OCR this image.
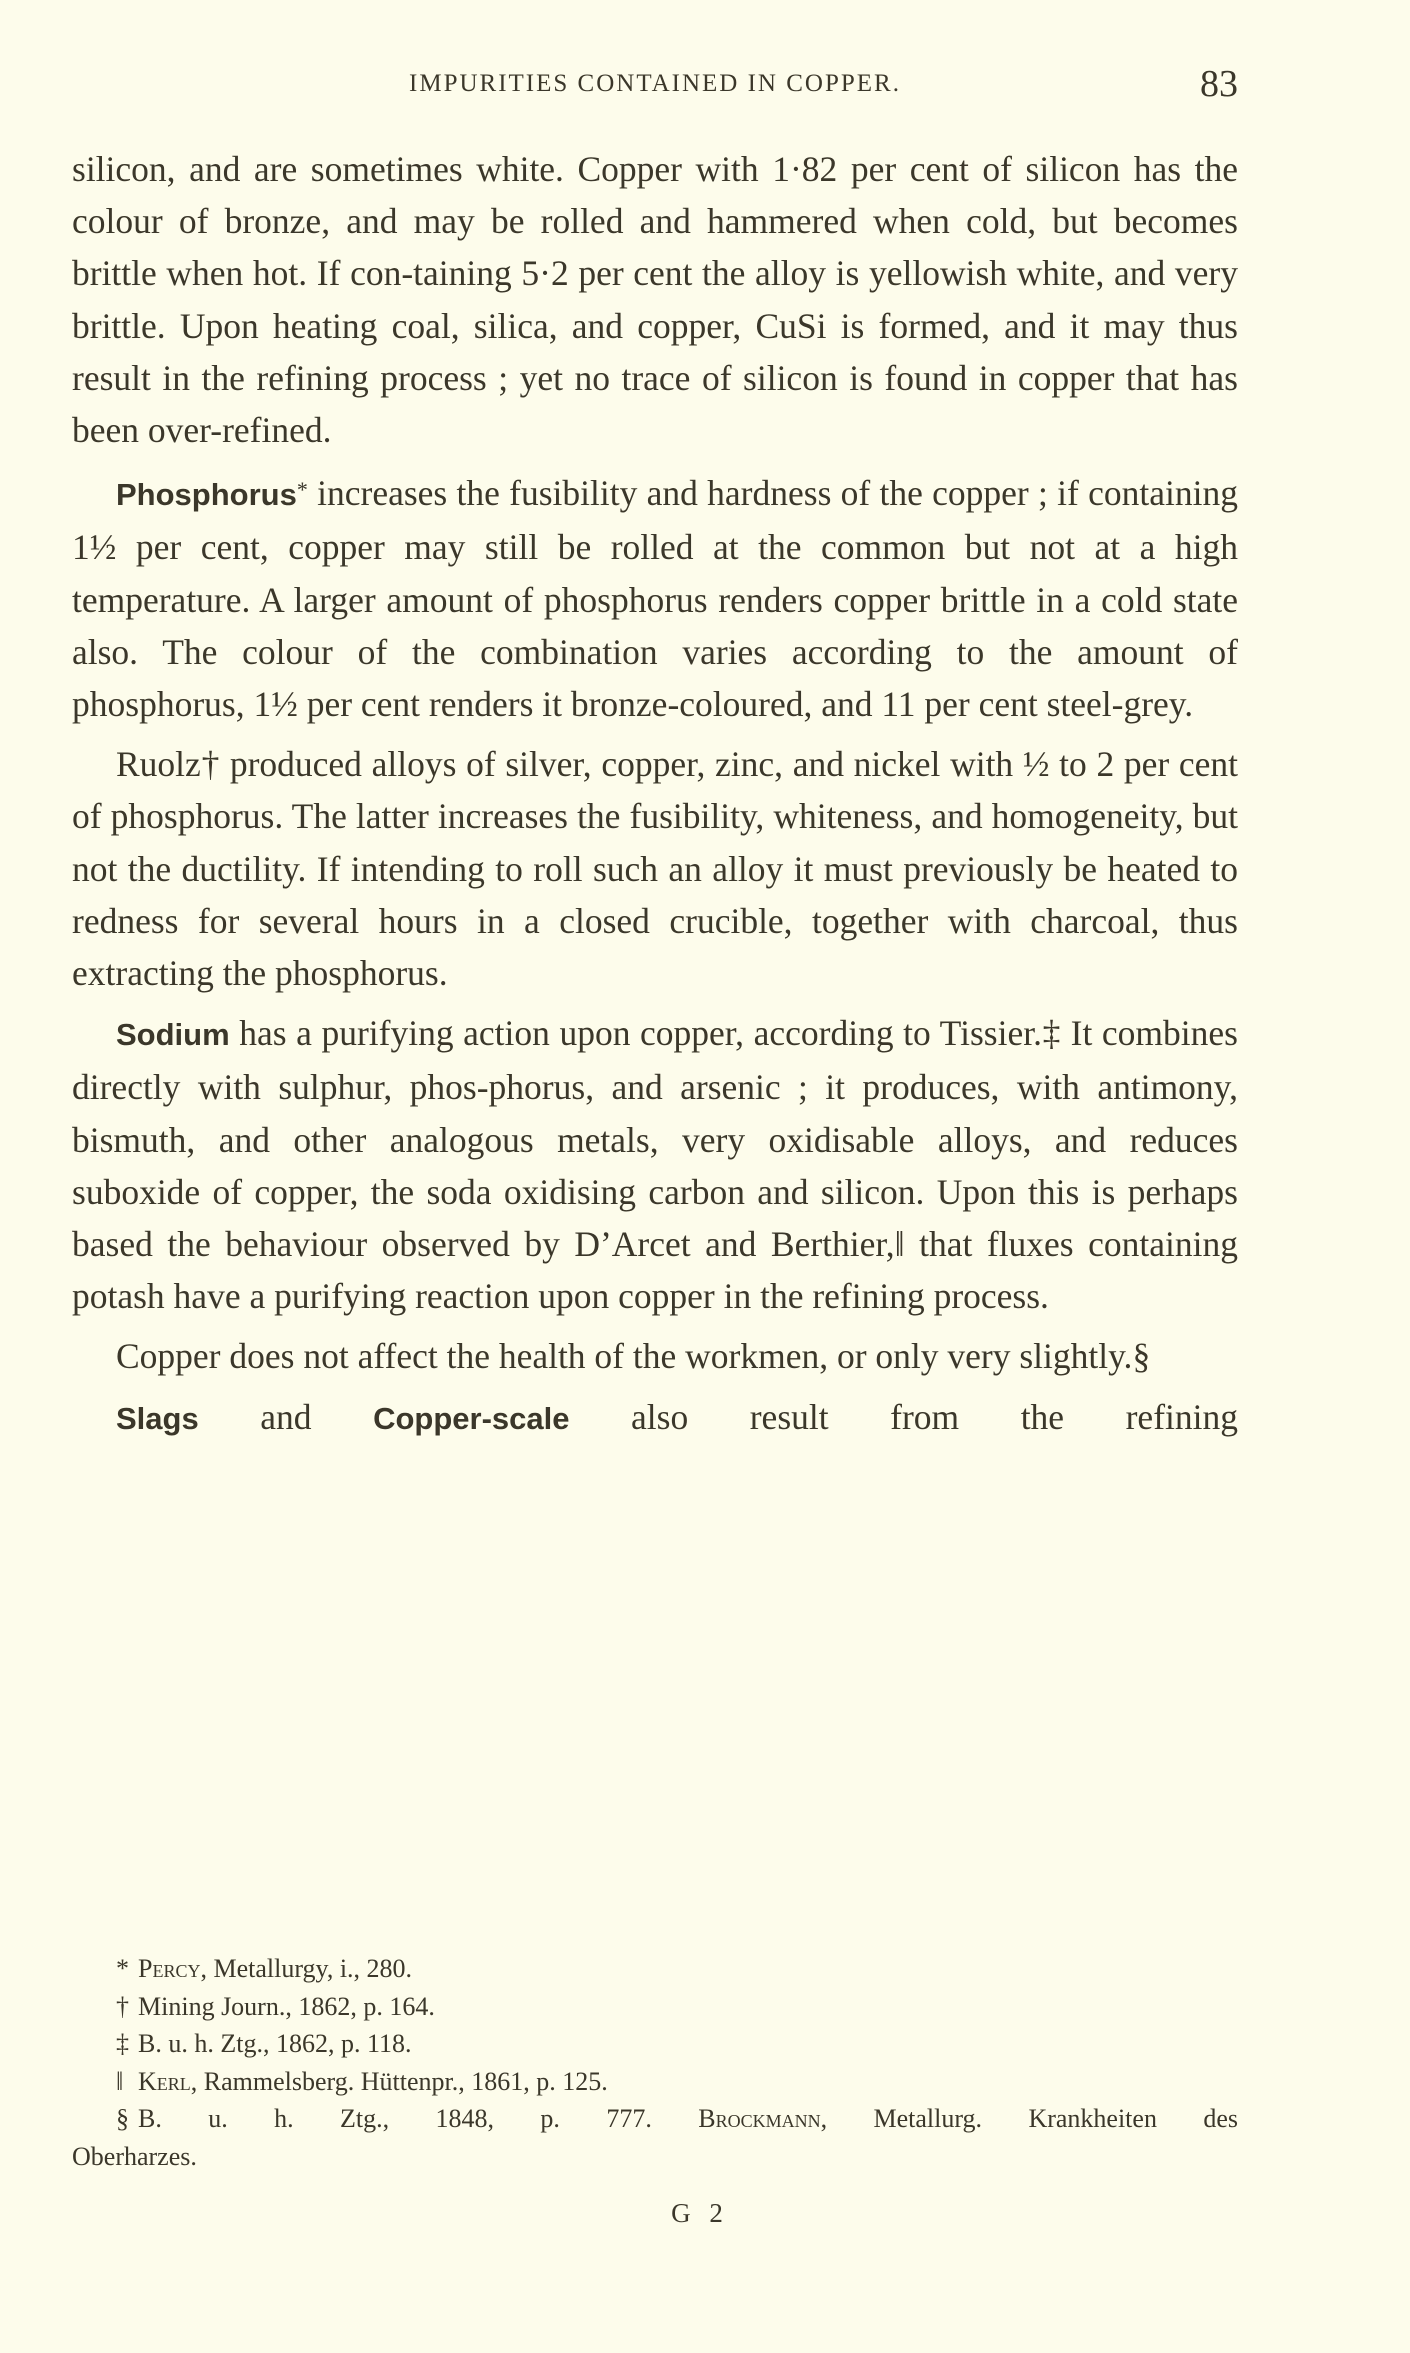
IMPURITIES CONTAINED IN COPPER.	83

silicon, and are sometimes white. Copper with 1·82 per cent of silicon has the colour of bronze, and may be rolled and hammered when cold, but becomes brittle when hot. If con-taining 5·2 per cent the alloy is yellowish white, and very brittle. Upon heating coal, silica, and copper, CuSi is formed, and it may thus result in the refining process ; yet no trace of silicon is found in copper that has been over-refined.

Phosphorus* increases the fusibility and hardness of the copper ; if containing 1½ per cent, copper may still be rolled at the common but not at a high temperature. A larger amount of phosphorus renders copper brittle in a cold state also. The colour of the combination varies according to the amount of phosphorus, 1½ per cent renders it bronze-coloured, and 11 per cent steel-grey.

Ruolz† produced alloys of silver, copper, zinc, and nickel with ½ to 2 per cent of phosphorus. The latter increases the fusibility, whiteness, and homogeneity, but not the ductility. If intending to roll such an alloy it must previously be heated to redness for several hours in a closed crucible, together with charcoal, thus extracting the phosphorus.

Sodium has a purifying action upon copper, according to Tissier.‡ It combines directly with sulphur, phos-phorus, and arsenic ; it produces, with antimony, bismuth, and other analogous metals, very oxidisable alloys, and reduces suboxide of copper, the soda oxidising carbon and silicon. Upon this is perhaps based the behaviour observed by D’Arcet and Berthier,‖ that fluxes containing potash have a purifying reaction upon copper in the refining process.

Copper does not affect the health of the workmen, or only very slightly.§

Slags and Copper-scale also result from the refining

* Percy, Metallurgy, i., 280.

† Mining Journ., 1862, p. 164.

‡ B. u. h. Ztg., 1862, p. 118.

‖ Kerl, Rammelsberg. Hüttenpr., 1861, p. 125.

§ B. u. h. Ztg., 1848, p. 777. Brockmann, Metallurg. Krankheiten des

Oberharzes.

G 2
